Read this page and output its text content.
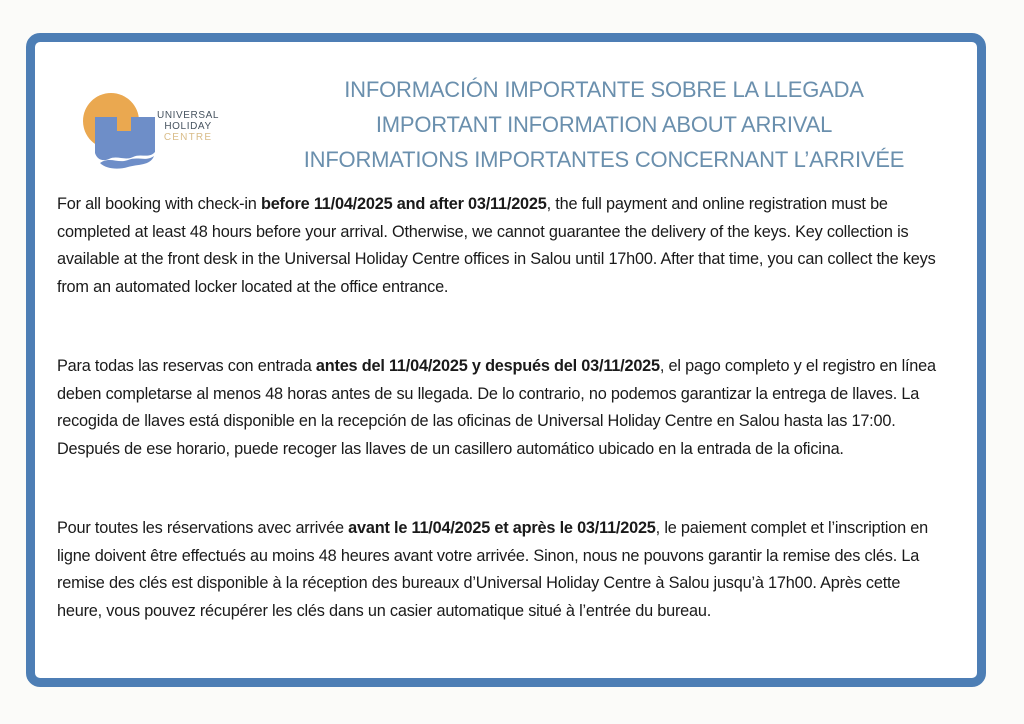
UNIVERSAL
HOLIDAY
CENTRE
INFORMACIÓN IMPORTANTE SOBRE LA LLEGADA
IMPORTANT INFORMATION ABOUT ARRIVAL
INFORMATIONS IMPORTANTES CONCERNANT L’ARRIVÉE

For all booking with check-in before 11/04/2025 and after 03/11/2025, the full payment and online registration must be completed at least 48 hours before your arrival. Otherwise, we cannot guarantee the delivery of the keys. Key collection is available at the front desk in the Universal Holiday Centre offices in Salou until 17h00. After that time, you can collect the keys from an automated locker located at the office entrance.

Para todas las reservas con entrada antes del 11/04/2025 y después del 03/11/2025, el pago completo y el registro en línea deben completarse al menos 48 horas antes de su llegada. De lo contrario, no podemos garantizar la entrega de llaves. La recogida de llaves está disponible en la recepción de las oficinas de Universal Holiday Centre en Salou hasta las 17:00. Después de ese horario, puede recoger las llaves de un casillero automático ubicado en la entrada de la oficina.

Pour toutes les réservations avec arrivée avant le 11/04/2025 et après le 03/11/2025, le paiement complet et l’inscription en ligne doivent être effectués au moins 48 heures avant votre arrivée. Sinon, nous ne pouvons garantir la remise des clés. La remise des clés est disponible à la réception des bureaux d’Universal Holiday Centre à Salou jusqu’à 17h00. Après cette heure, vous pouvez récupérer les clés dans un casier automatique situé à l’entrée du bureau.
